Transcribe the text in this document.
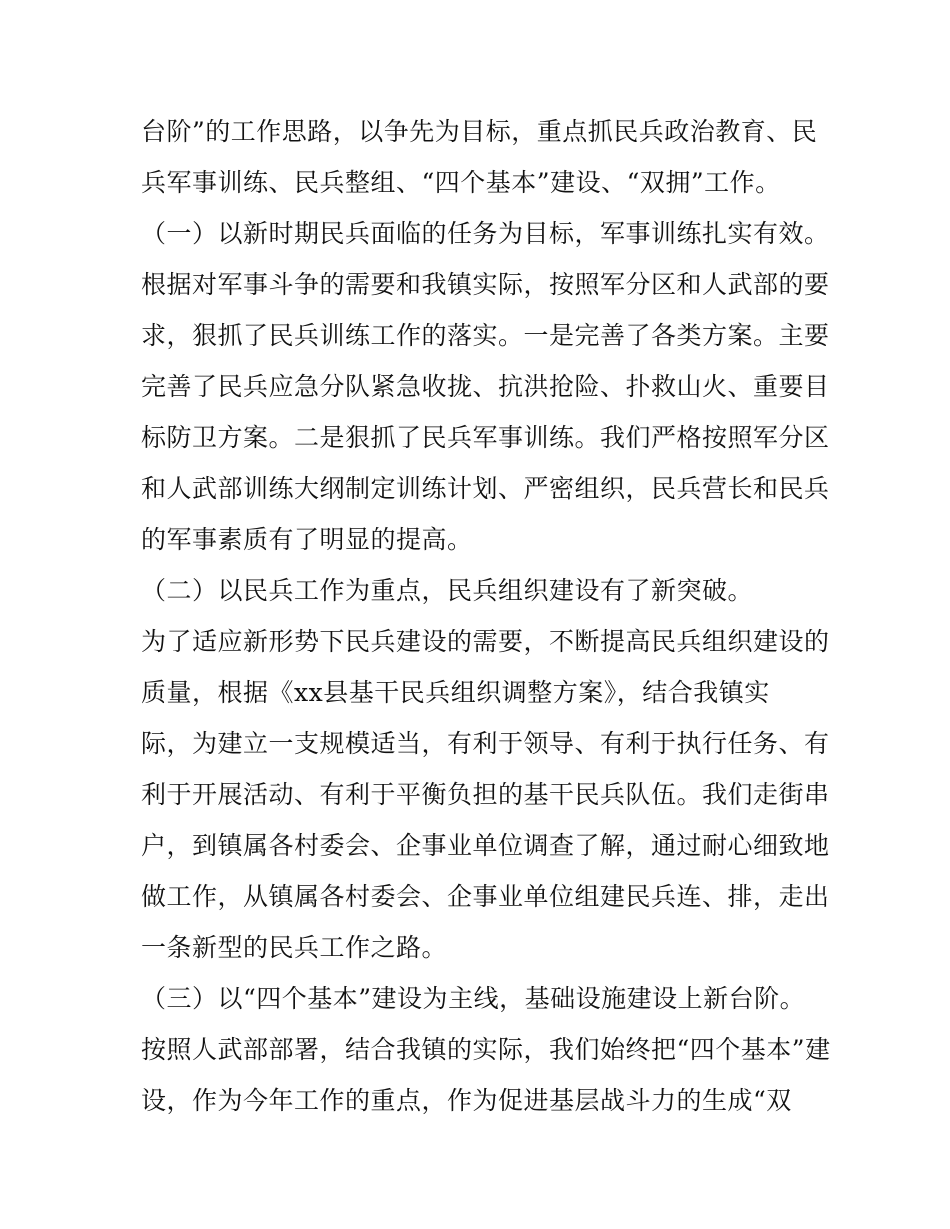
台阶”的工作思路，以争先为目标，重点抓民兵政治教育、民
兵军事训练、民兵整组、“四个基本”建设、“双拥”工作。
（一）以新时期民兵面临的任务为目标，军事训练扎实有效。
根据对军事斗争的需要和我镇实际，按照军分区和人武部的要
求，狠抓了民兵训练工作的落实。一是完善了各类方案。主要
完善了民兵应急分队紧急收拢、抗洪抢险、扑救山火、重要目
标防卫方案。二是狠抓了民兵军事训练。我们严格按照军分区
和人武部训练大纲制定训练计划、严密组织，民兵营长和民兵
的军事素质有了明显的提高。
（二）以民兵工作为重点，民兵组织建设有了新突破。
为了适应新形势下民兵建设的需要，不断提高民兵组织建设的
质量，根据《xx县基干民兵组织调整方案》，结合我镇实
际，为建立一支规模适当，有利于领导、有利于执行任务、有
利于开展活动、有利于平衡负担的基干民兵队伍。我们走街串
户，到镇属各村委会、企事业单位调查了解，通过耐心细致地
做工作，从镇属各村委会、企事业单位组建民兵连、排，走出
一条新型的民兵工作之路。
（三）以“四个基本”建设为主线，基础设施建设上新台阶。
按照人武部部署，结合我镇的实际，我们始终把“四个基本”建
设，作为今年工作的重点，作为促进基层战斗力的生成“双
